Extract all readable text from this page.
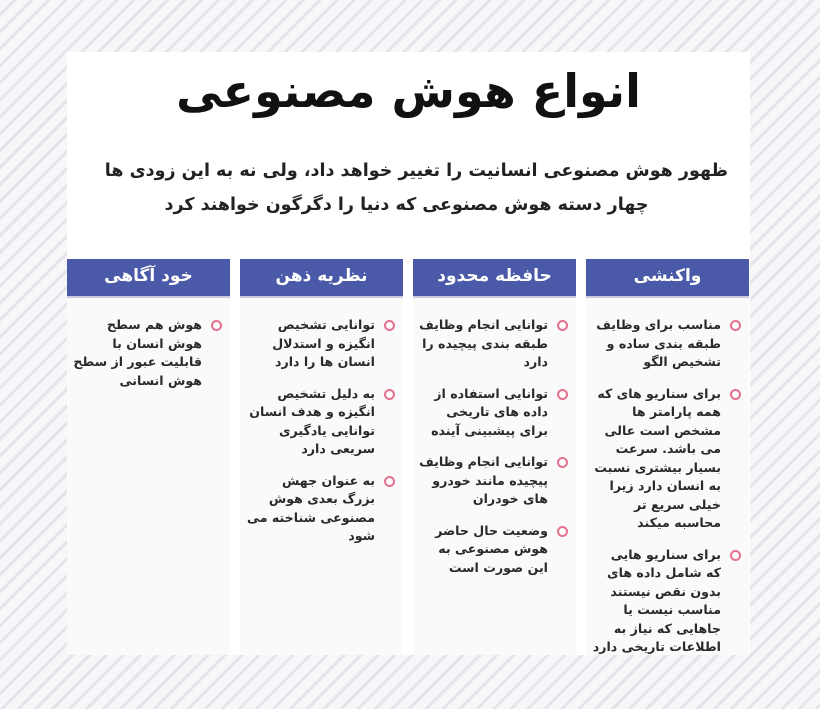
انواع هوش مصنوعی

ظهور هوش مصنوعی انسانیت را تغییر خواهد داد، ولی نه به این زودی ها
چهار دسته هوش مصنوعی که دنیا را دگرگون خواهند کرد

واکنشی
مناسب برای وظایف طبقه بندی ساده و تشخیص الگو
برای سناریو های که همه پارامتر ها مشخص است عالی می باشد. سرعت بسیار بیشتری نسبت به انسان دارد زیرا خیلی سریع تر محاسبه میکند
برای سناریو هایی که شامل داده های بدون نقص نیستند مناسب نیست یا جاهایی که نیاز به اطلاعات تاریخی دارد
حافظه محدود
توانایی انجام وظایف طبقه بندی پیچیده را دارد
توانایی استفاده از داده های تاریخی برای پیشبینی آینده
توانایی انجام وظایف پیچیده مانند خودرو های خودران
وضعیت حال حاضر هوش مصنوعی به این صورت است
نظریه ذهن
توانایی تشخیص انگیزه و استدلال انسان ها را دارد
به دلیل تشخیص انگیزه و هدف انسان توانایی یادگیری سریعی دارد
به عنوان جهش بزرگ بعدی هوش مصنوعی شناخته می شود
خود آگاهی
هوش هم سطح هوش انسان با قابلیت عبور از سطح هوش انسانی
